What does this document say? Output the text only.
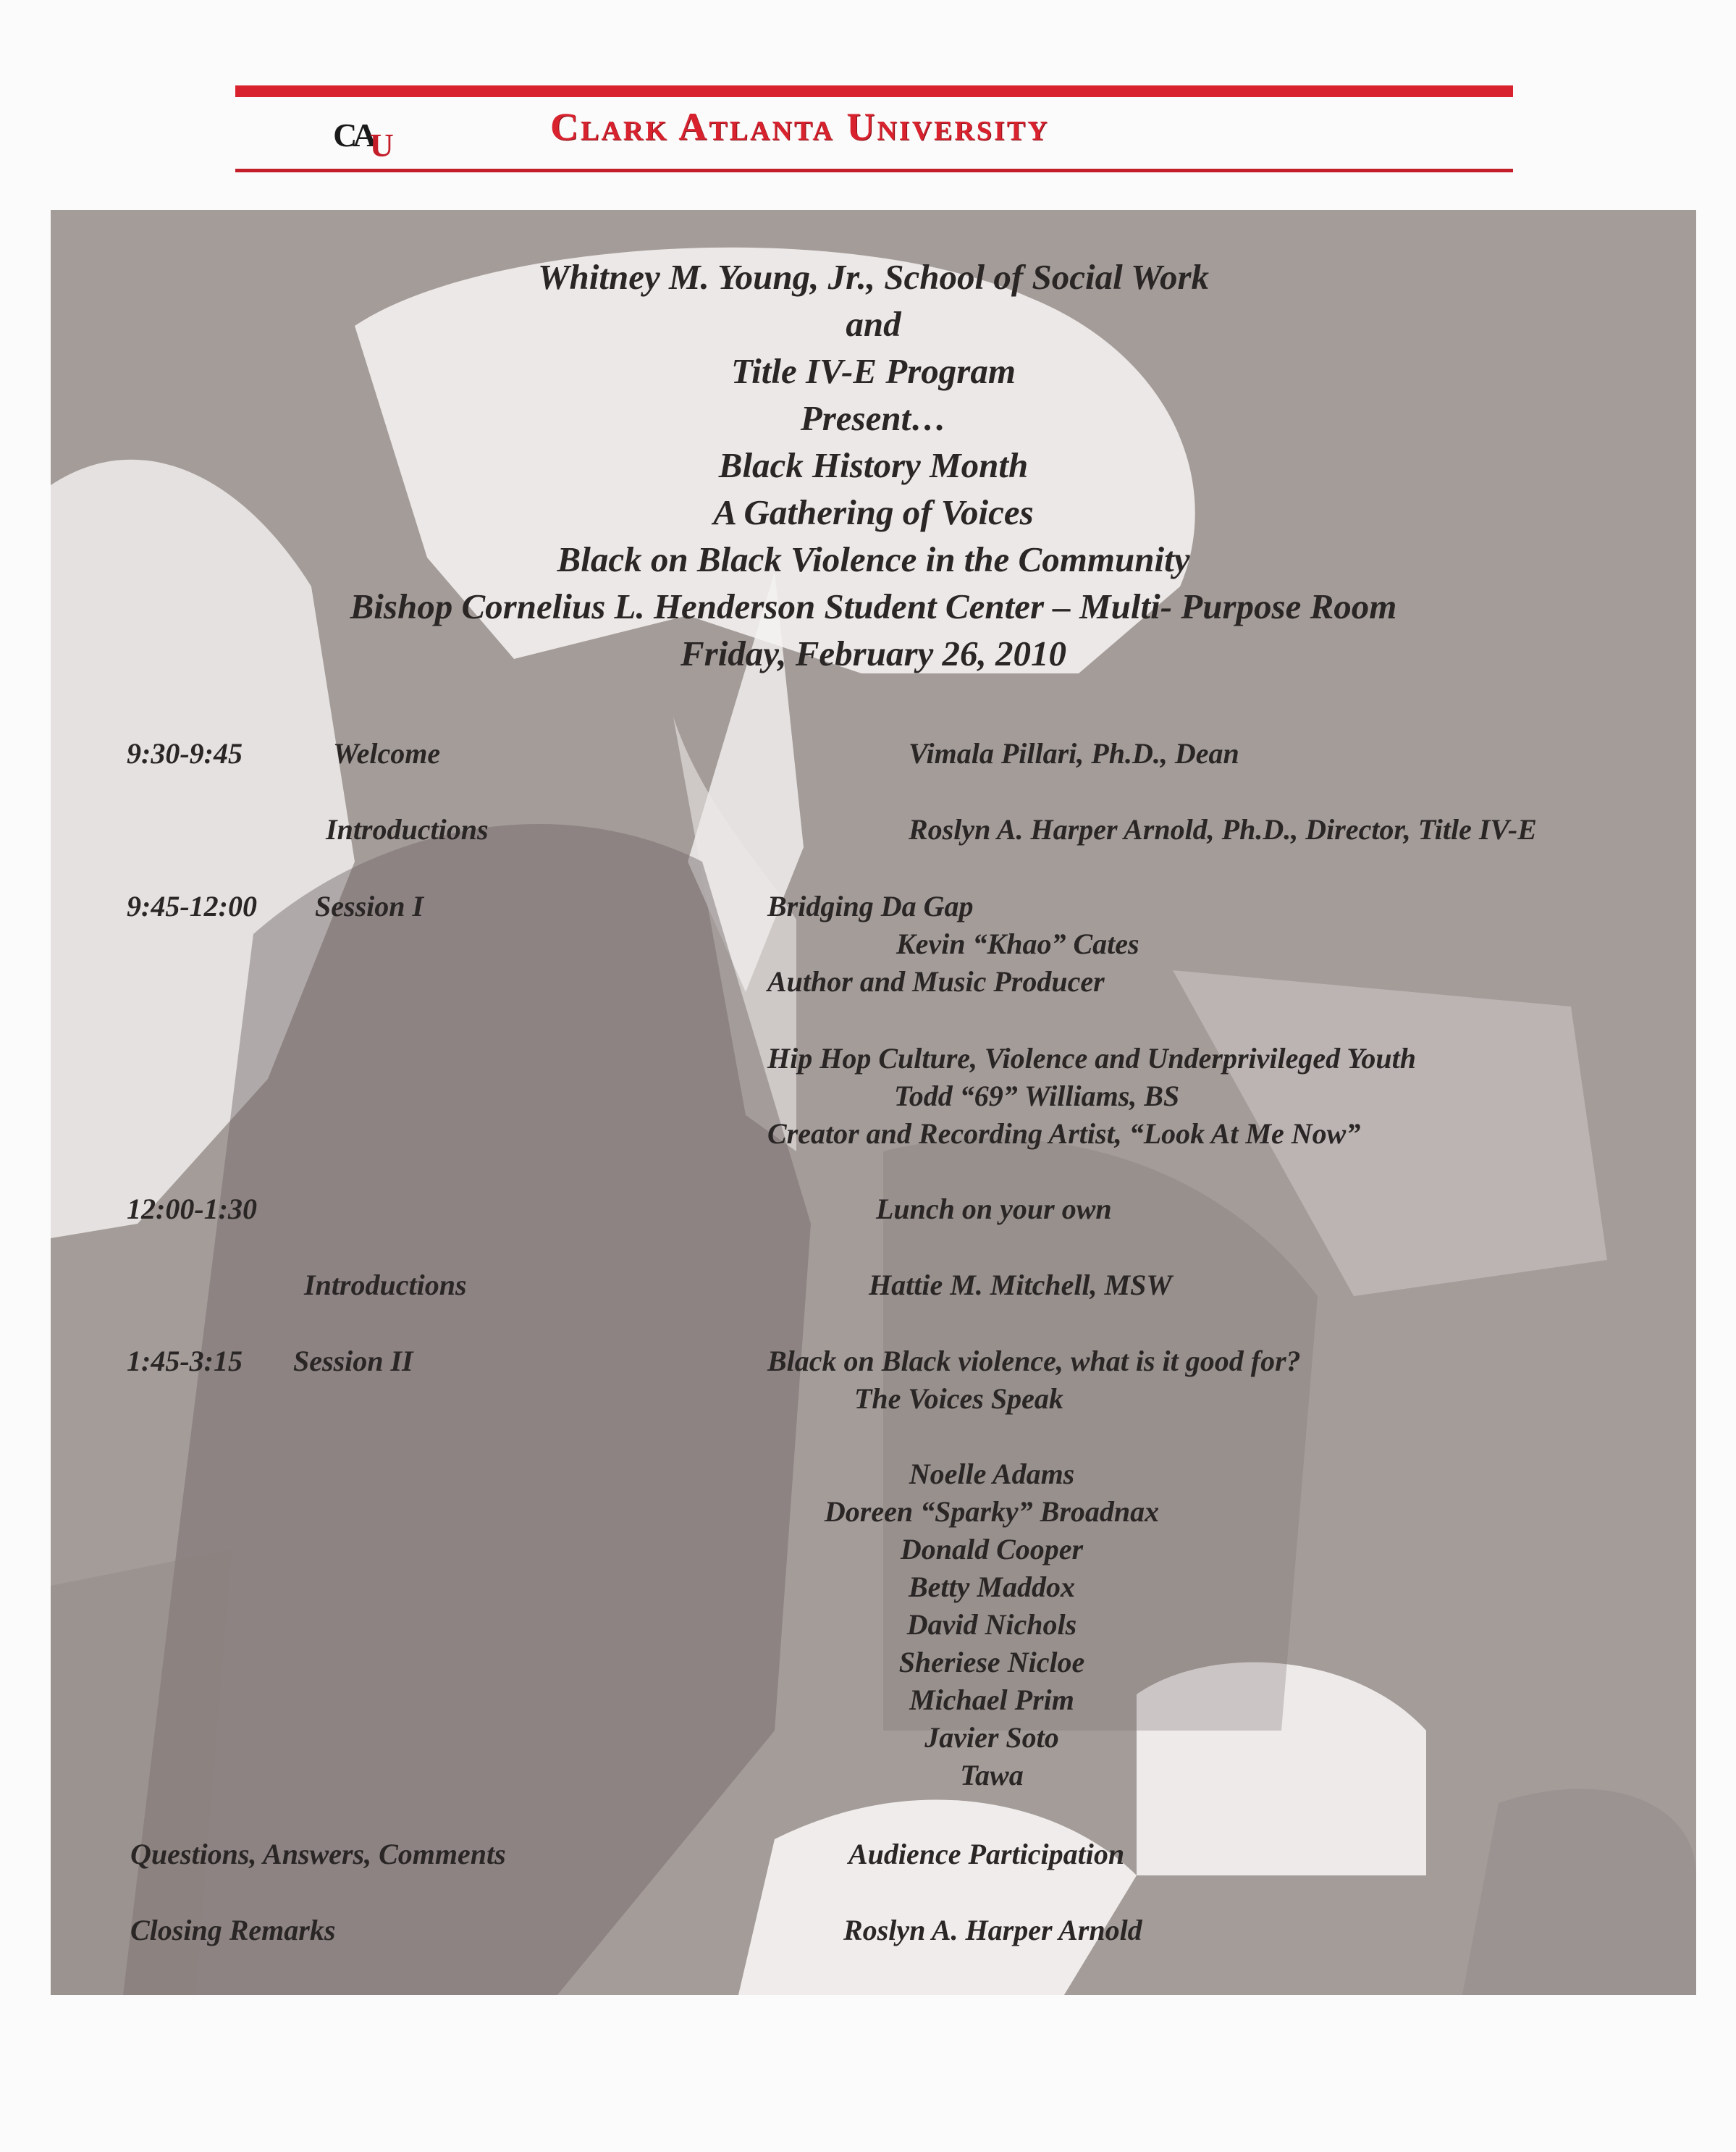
C A
U	Clark Atlanta University
Whitney M. Young, Jr., School of Social Work
and
Title IV-E Program
Present…
Black History Month
A Gathering of Voices
Black on Black Violence in the Community
Bishop Cornelius L. Henderson Student Center – Multi- Purpose Room
Friday, February 26, 2010
9:30-9:45	Welcome	Vimala Pillari, Ph.D., Dean
Introductions	Roslyn A. Harper Arnold, Ph.D., Director, Title IV-E
9:45-12:00 Session I	Bridging Da Gap
Kevin “Khao” Cates
Author and Music Producer
Hip Hop Culture, Violence and Underprivileged Youth
Todd “69” Williams, BS
Creator and Recording Artist, “Look At Me Now”
12:00-1:30	Lunch on your own
Introductions	Hattie M. Mitchell, MSW
1:45-3:15 Session II	Black on Black violence, what is it good for?
The Voices Speak
Noelle Adams
Doreen “Sparky” Broadnax
Donald Cooper
Betty Maddox
David Nichols
Sheriese Nicloe
Michael Prim
Javier Soto
Tawa
Questions, Answers, Comments	Audience Participation
Closing Remarks	Roslyn A. Harper Arnold
